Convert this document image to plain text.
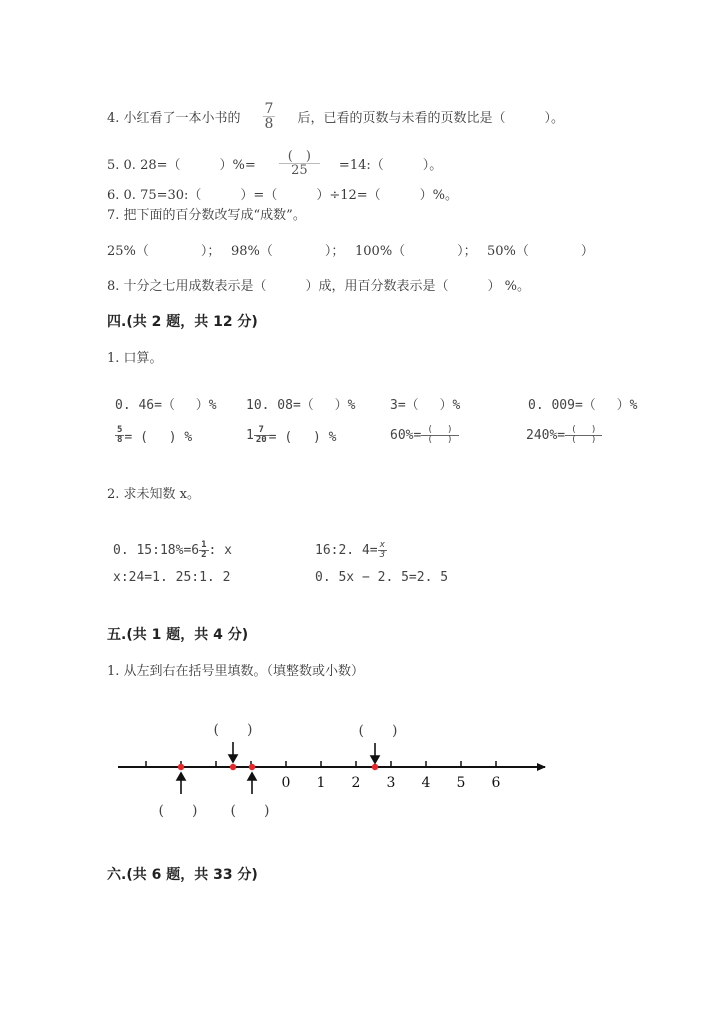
4. 小红看了一本小书的 $\frac{7}{8}$ 后，已看的页数与未看的页数比是（　　　）。
5. 0. 28=（　　　）%= $\frac{( )}{25}$ =14:（　　　）。
6. 0. 75=30:（　　　）=（　　　）÷12=（　　　）%。
7. 把下面的百分数改写成“成数”。
25%（　　　　）； 98%（　　　　）； 100%（　　　　）； 50%（　　　　）
8. 十分之七用成数表示是（　　　）成，用百分数表示是（　　　） %。
四.(共 2 题，共 12 分)
1. 口算。
0. 46=（　 ）% 10. 08=（　 ）%	3=（　 ）%	0. 009=（　 ）%
$\frac{5}{8}$ = (　 ) %	$1 \frac{7}{20}$ = (　 ) %	$60\%= \frac{( )}{( )}$	$240\%= \frac{( )}{( )}$
2. 求未知数 x。
0. 15:18%=6 $\frac{1}{2}$ : x	16:2. $4= \frac{x}{3}$
x:24=1. 25:1. 2	0. 5x − 2. 5=2. 5
五.(共 1 题，共 4 分)
1. 从左到右在括号里填数。（填整数或小数）
0 1 2 3 4 5 6
(　　)	(　　)
(　　) (　　)
六.(共 6 题，共 33 分)
